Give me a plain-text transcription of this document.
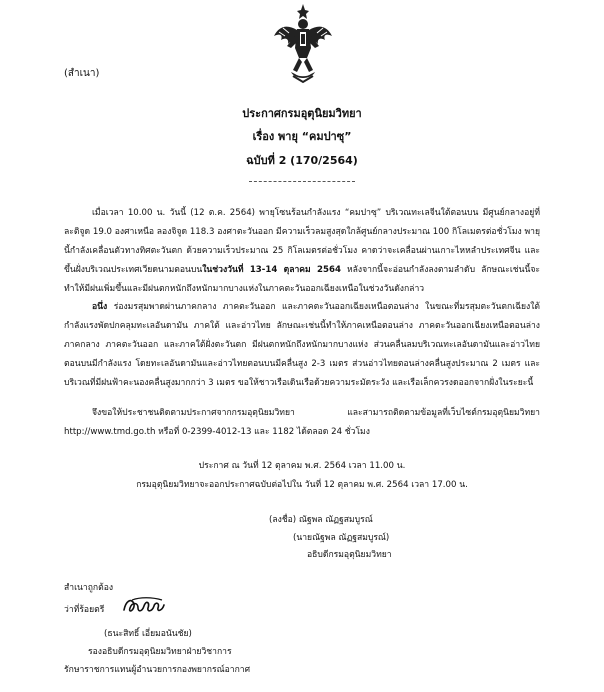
(สำเนา)
ประกาศกรมอุตุนิยมวิทยา
เรื่อง พายุ “คมปาซุ”
ฉบับที่ 2 (170/2564)

เมื่อเวลา 10.00 น. วันนี้ (12 ต.ค. 2564) พายุโซนร้อนกำลังแรง “คมปาซุ” บริเวณทะเลจีนใต้ตอนบน มีศูนย์กลางอยู่ที่ละติจูด 19.0 องศาเหนือ ลองจิจูด 118.3 องศาตะวันออก มีความเร็วลมสูงสุดใกล้ศูนย์กลางประมาณ 100 กิโลเมตรต่อชั่วโมง พายุนี้กำลังเคลื่อนตัวทางทิศตะวันตก ด้วยความเร็วประมาณ 25 กิโลเมตรต่อชั่วโมง คาดว่าจะเคลื่อนผ่านเกาะไหหลำประเทศจีน และขึ้นฝั่งบริเวณประเทศเวียดนามตอนบนในช่วงวันที่ 13-14 ตุลาคม 2564 หลังจากนี้จะอ่อนกำลังลงตามลำดับ ลักษณะเช่นนี้จะทำให้มีฝนเพิ่มขึ้นและมีฝนตกหนักถึงหนักมากบางแห่งในภาคตะวันออกเฉียงเหนือในช่วงวันดังกล่าว

อนึ่ง ร่องมรสุมพาดผ่านภาคกลาง ภาคตะวันออก และภาคตะวันออกเฉียงเหนือตอนล่าง ในขณะที่มรสุมตะวันตกเฉียงใต้กำลังแรงพัดปกคลุมทะเลอันดามัน ภาคใต้ และอ่าวไทย ลักษณะเช่นนี้ทำให้ภาคเหนือตอนล่าง ภาคตะวันออกเฉียงเหนือตอนล่าง ภาคกลาง ภาคตะวันออก และภาคใต้ฝั่งตะวันตก มีฝนตกหนักถึงหนักมากบางแห่ง ส่วนคลื่นลมบริเวณทะเลอันดามันและอ่าวไทยตอนบนมีกำลังแรง โดยทะเลอันดามันและอ่าวไทยตอนบนมีคลื่นสูง 2-3 เมตร ส่วนอ่าวไทยตอนล่างคลื่นสูงประมาณ 2 เมตร และบริเวณที่มีฝนฟ้าคะนองคลื่นสูงมากกว่า 3 เมตร ขอให้ชาวเรือเดินเรือด้วยความระมัดระวัง และเรือเล็กควรงดออกจากฝั่งในระยะนี้

จึงขอให้ประชาชนติดตามประกาศจากกรมอุตุนิยมวิทยา และสามารถติดตามข้อมูลที่เว็บไซต์กรมอุตุนิยมวิทยา http://www.tmd.go.th หรือที่ 0-2399-4012-13 และ 1182 ได้ตลอด 24 ชั่วโมง

ประกาศ ณ วันที่ 12 ตุลาคม พ.ศ. 2564 เวลา 11.00 น.
กรมอุตุนิยมวิทยาจะออกประกาศฉบับต่อไปใน วันที่ 12 ตุลาคม พ.ศ. 2564 เวลา 17.00 น.
(ลงชื่อ) ณัฐพล ณัฏฐสมบูรณ์
(นายณัฐพล ณัฏฐสมบูรณ์)
อธิบดีกรมอุตุนิยมวิทยา
สำเนาถูกต้อง
ว่าที่ร้อยตรี
(ธนะสิทธิ์ เอี่ยมอนันชัย)
รองอธิบดีกรมอุตุนิยมวิทยาฝ่ายวิชาการ
รักษาราชการแทนผู้อำนวยการกองพยากรณ์อากาศ
